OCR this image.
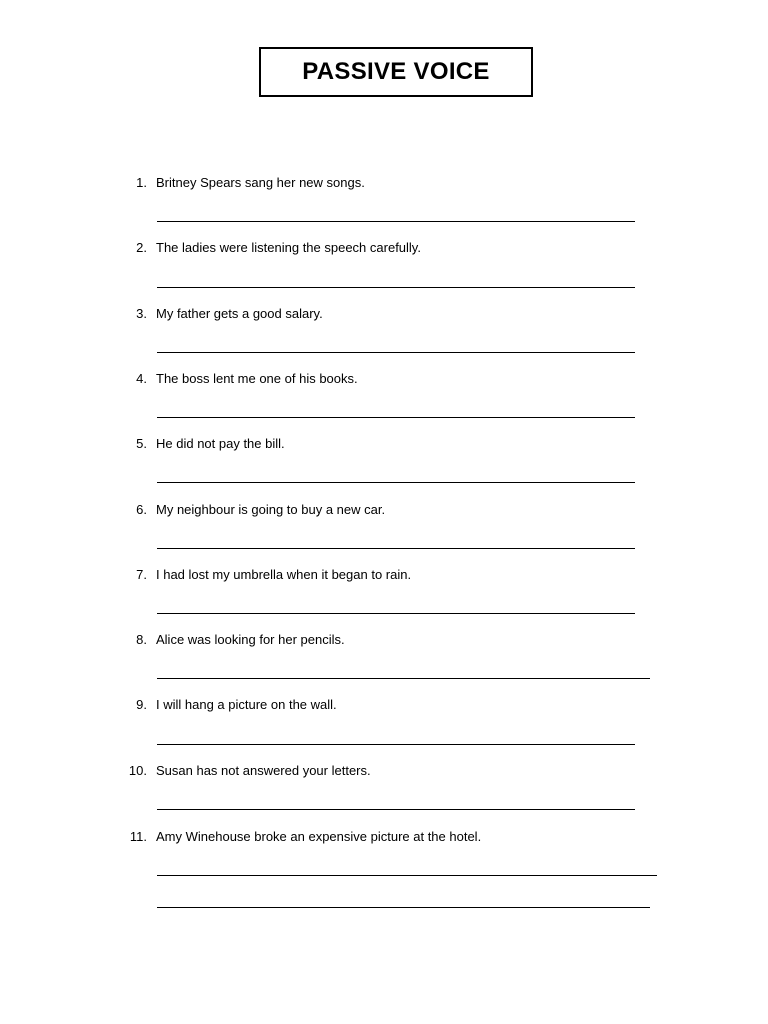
PASSIVE VOICE
1. Britney Spears sang her new songs.
2. The ladies were listening the speech carefully.
3. My father gets a good salary.
4. The boss lent me one of his books.
5. He did not pay the bill.
6. My neighbour is going to buy a new car.
7. I had lost my umbrella when it began to rain.
8. Alice was looking for her pencils.
9. I will hang a picture on the wall.
10. Susan has not answered your letters.
11. Amy Winehouse broke an expensive picture at the hotel.
